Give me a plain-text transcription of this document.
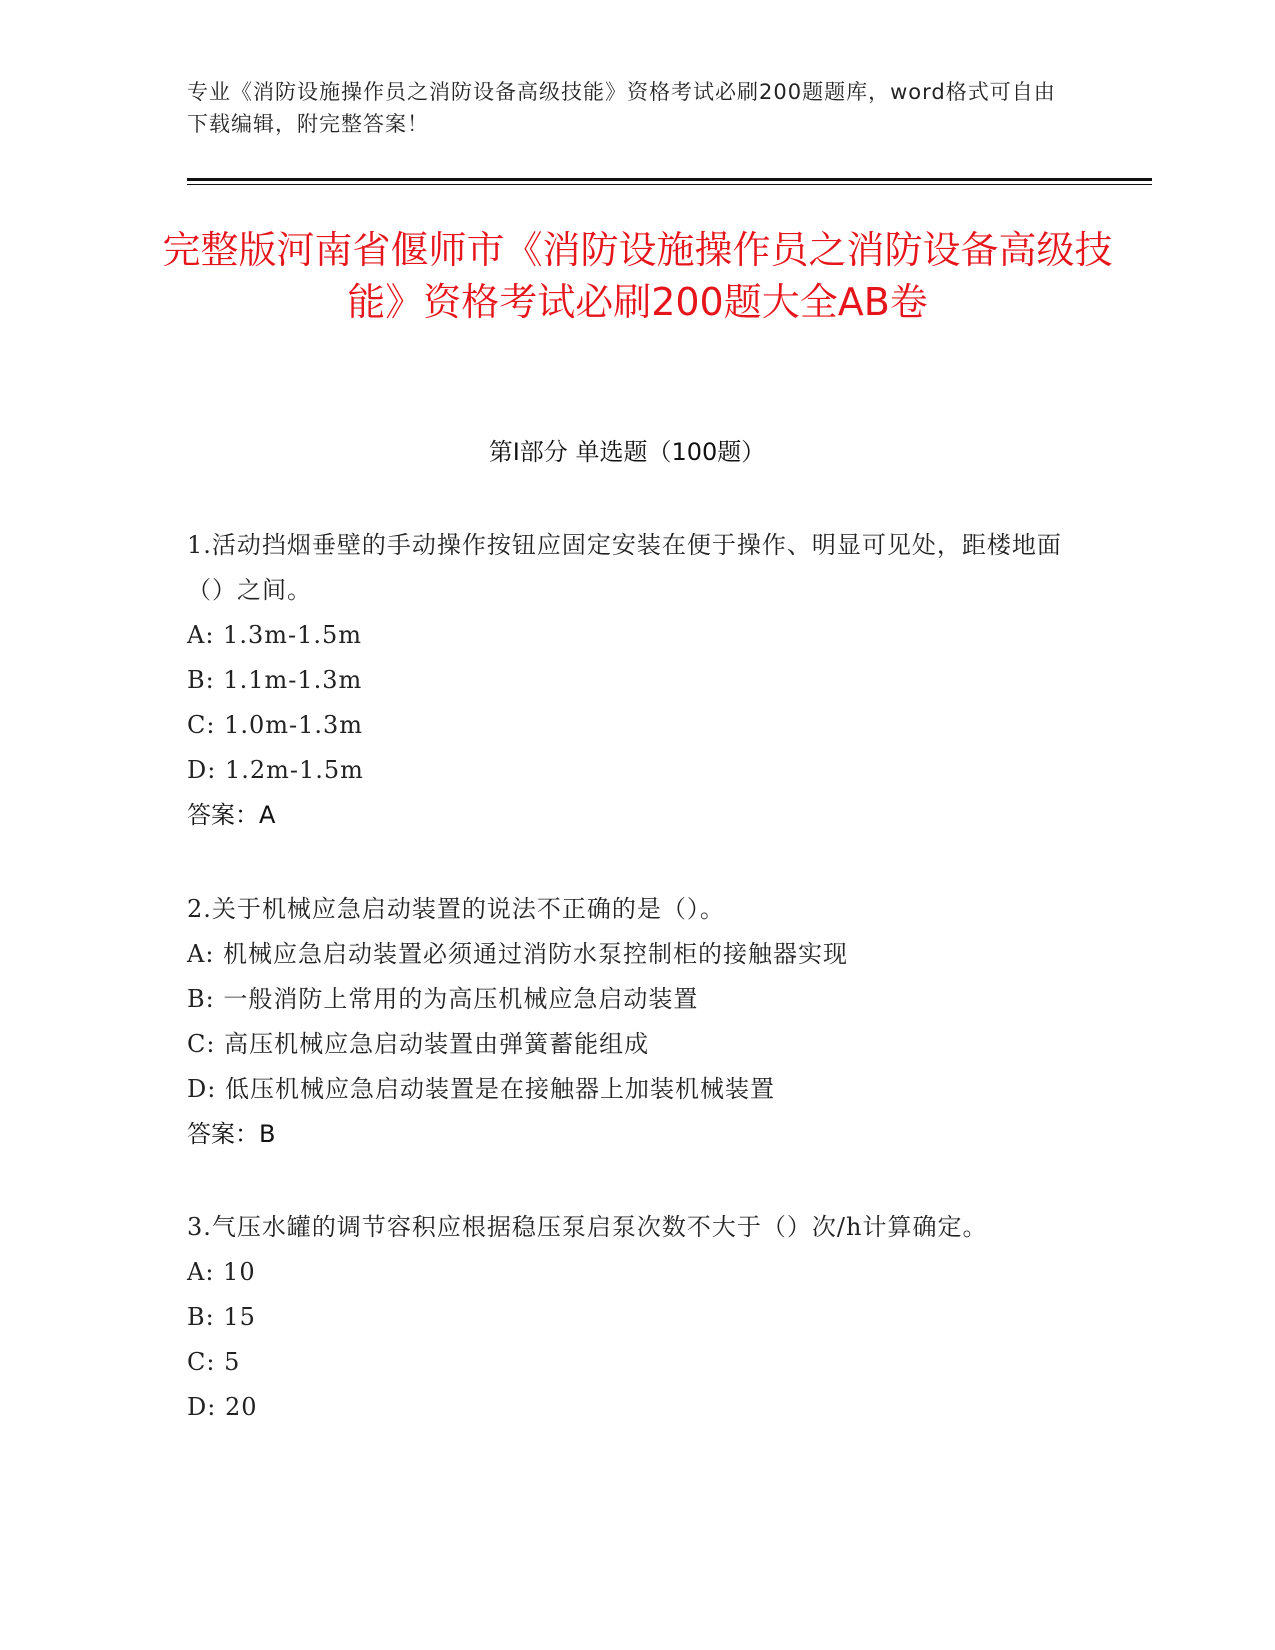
专业《消防设施操作员之消防设备高级技能》资格考试必刷200题题库，word格式可自由下载编辑，附完整答案！

完整版河南省偃师市《消防设施操作员之消防设备高级技能》资格考试必刷200题大全AB卷
第I部分 单选题（100题）

1.活动挡烟垂壁的手动操作按钮应固定安装在便于操作、明显可见处，距楼地面（）之间。

A: 1.3m-1.5m
B: 1.1m-1.3m
C: 1.0m-1.3m
D: 1.2m-1.5m

答案：A

2.关于机械应急启动装置的说法不正确的是（）。

A: 机械应急启动装置必须通过消防水泵控制柜的接触器实现
B: 一般消防上常用的为高压机械应急启动装置
C: 高压机械应急启动装置由弹簧蓄能组成
D: 低压机械应急启动装置是在接触器上加装机械装置

答案：B

3.气压水罐的调节容积应根据稳压泵启泵次数不大于（）次/h计算确定。

A: 10
B: 15
C: 5
D: 20
